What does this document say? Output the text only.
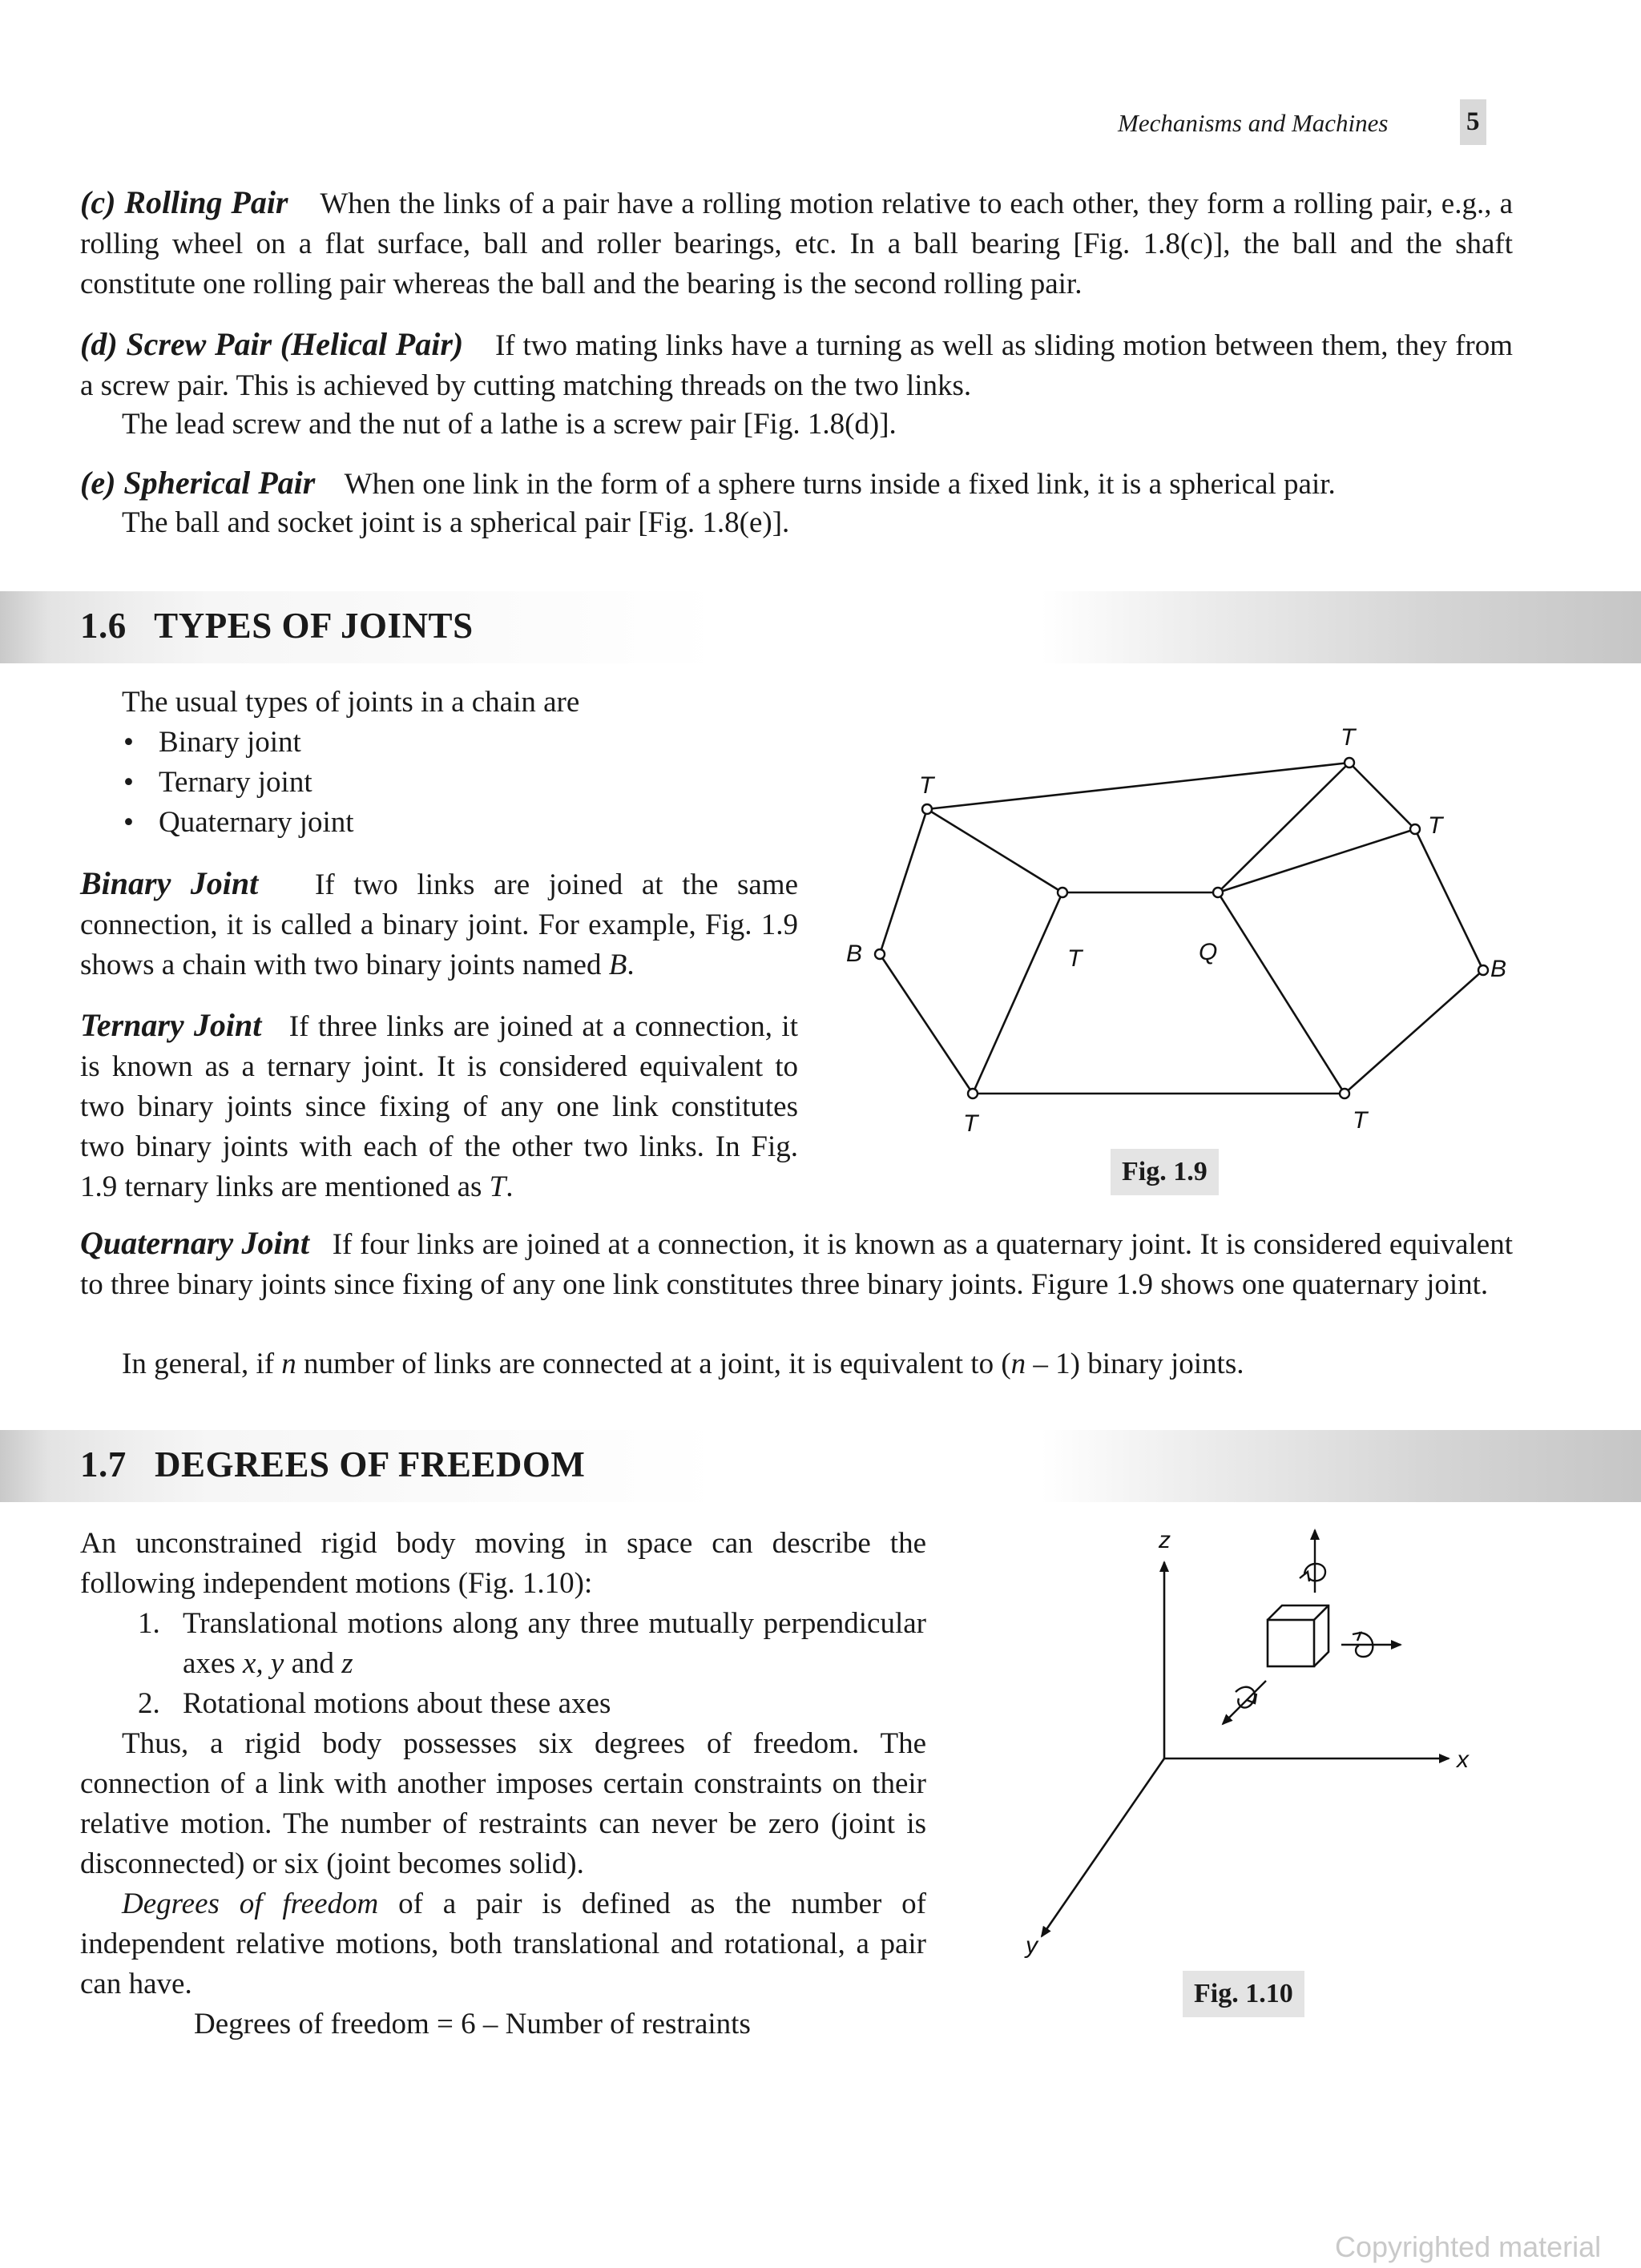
Mechanisms and Machines	5
(c) Rolling Pair When the links of a pair have a rolling motion relative to each other, they form a rolling pair, e.g., a rolling wheel on a flat surface, ball and roller bearings, etc. In a ball bearing [Fig. 1.8(c)], the ball and the shaft constitute one rolling pair whereas the ball and the bearing is the second rolling pair.
(d) Screw Pair (Helical Pair) If two mating links have a turning as well as sliding motion between them, they from a screw pair. This is achieved by cutting matching threads on the two links.
The lead screw and the nut of a lathe is a screw pair [Fig. 1.8(d)].
(e) Spherical Pair When one link in the form of a sphere turns inside a fixed link, it is a spherical pair.
The ball and socket joint is a spherical pair [Fig. 1.8(e)].
1.6   TYPES OF JOINTS
The usual types of joints in a chain are
• Binary joint
• Ternary joint
• Quaternary joint
Binary Joint If two links are joined at the same connection, it is called a binary joint. For example, Fig. 1.9 shows a chain with two binary joints named B.
Ternary Joint If three links are joined at a connection, it is known as a ternary joint. It is considered equivalent to two binary joints since fixing of any one link constitutes two binary joints with each of the other two links. In Fig. 1.9 ternary links are mentioned as T.
T
T
T
B
B
T	Q
T	T
Fig. 1.9
Quaternary Joint If four links are joined at a connection, it is known as a quaternary joint. It is considered equivalent to three binary joints since fixing of any one link constitutes three binary joints. Figure 1.9 shows one quaternary joint.
In general, if n number of links are connected at a joint, it is equivalent to (n – 1) binary joints.
1.7   DEGREES OF FREEDOM
An unconstrained rigid body moving in space can describe the following independent motions (Fig. 1.10):
1. Translational motions along any three mutually perpendicular axes x, y and z
2. Rotational motions about these axes
Thus, a rigid body possesses six degrees of freedom. The connection of a link with another imposes certain constraints on their relative motion. The number of restraints can never be zero (joint is disconnected) or six (joint becomes solid).
Degrees of freedom of a pair is defined as the number of independent relative motions, both translational and rotational, a pair can have.
Degrees of freedom = 6 – Number of restraints
z
x
y
Fig. 1.10
Copyrighted material
